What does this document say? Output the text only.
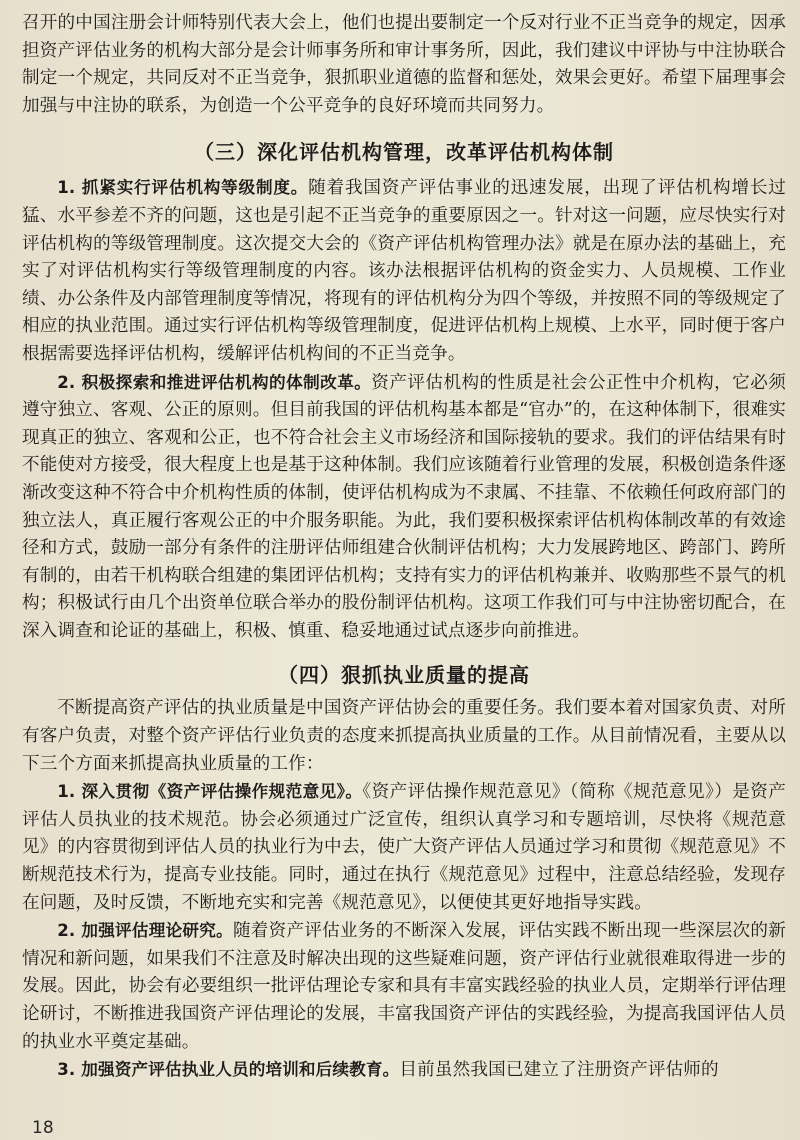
召开的中国注册会计师特别代表大会上，他们也提出要制定一个反对行业不正当竞争的规定，因承担资产评估业务的机构大部分是会计师事务所和审计事务所，因此，我们建议中评协与中注协联合制定一个规定，共同反对不正当竞争，狠抓职业道德的监督和惩处，效果会更好。希望下届理事会加强与中注协的联系，为创造一个公平竞争的良好环境而共同努力。

（三）深化评估机构管理，改革评估机构体制

1. 抓紧实行评估机构等级制度。随着我国资产评估事业的迅速发展，出现了评估机构增长过猛、水平参差不齐的问题，这也是引起不正当竞争的重要原因之一。针对这一问题，应尽快实行对评估机构的等级管理制度。这次提交大会的《资产评估机构管理办法》就是在原办法的基础上，充实了对评估机构实行等级管理制度的内容。该办法根据评估机构的资金实力、人员规模、工作业绩、办公条件及内部管理制度等情况，将现有的评估机构分为四个等级，并按照不同的等级规定了相应的执业范围。通过实行评估机构等级管理制度，促进评估机构上规模、上水平，同时便于客户根据需要选择评估机构，缓解评估机构间的不正当竞争。

2. 积极探索和推进评估机构的体制改革。资产评估机构的性质是社会公正性中介机构，它必须遵守独立、客观、公正的原则。但目前我国的评估机构基本都是“官办”的，在这种体制下，很难实现真正的独立、客观和公正，也不符合社会主义市场经济和国际接轨的要求。我们的评估结果有时不能使对方接受，很大程度上也是基于这种体制。我们应该随着行业管理的发展，积极创造条件逐渐改变这种不符合中介机构性质的体制，使评估机构成为不隶属、不挂靠、不依赖任何政府部门的独立法人，真正履行客观公正的中介服务职能。为此，我们要积极探索评估机构体制改革的有效途径和方式，鼓励一部分有条件的注册评估师组建合伙制评估机构；大力发展跨地区、跨部门、跨所有制的，由若干机构联合组建的集团评估机构；支持有实力的评估机构兼并、收购那些不景气的机构；积极试行由几个出资单位联合举办的股份制评估机构。这项工作我们可与中注协密切配合，在深入调查和论证的基础上，积极、慎重、稳妥地通过试点逐步向前推进。

（四）狠抓执业质量的提高

不断提高资产评估的执业质量是中国资产评估协会的重要任务。我们要本着对国家负责、对所有客户负责，对整个资产评估行业负责的态度来抓提高执业质量的工作。从目前情况看，主要从以下三个方面来抓提高执业质量的工作：

1. 深入贯彻《资产评估操作规范意见》。《资产评估操作规范意见》（简称《规范意见》）是资产评估人员执业的技术规范。协会必须通过广泛宣传，组织认真学习和专题培训，尽快将《规范意见》的内容贯彻到评估人员的执业行为中去，使广大资产评估人员通过学习和贯彻《规范意见》不断规范技术行为，提高专业技能。同时，通过在执行《规范意见》过程中，注意总结经验，发现存在问题，及时反馈，不断地充实和完善《规范意见》，以便使其更好地指导实践。

2. 加强评估理论研究。随着资产评估业务的不断深入发展，评估实践不断出现一些深层次的新情况和新问题，如果我们不注意及时解决出现的这些疑难问题，资产评估行业就很难取得进一步的发展。因此，协会有必要组织一批评估理论专家和具有丰富实践经验的执业人员，定期举行评估理论研讨，不断推进我国资产评估理论的发展，丰富我国资产评估的实践经验，为提高我国评估人员的执业水平奠定基础。

3. 加强资产评估执业人员的培训和后续教育。目前虽然我国已建立了注册资产评估师的

18
